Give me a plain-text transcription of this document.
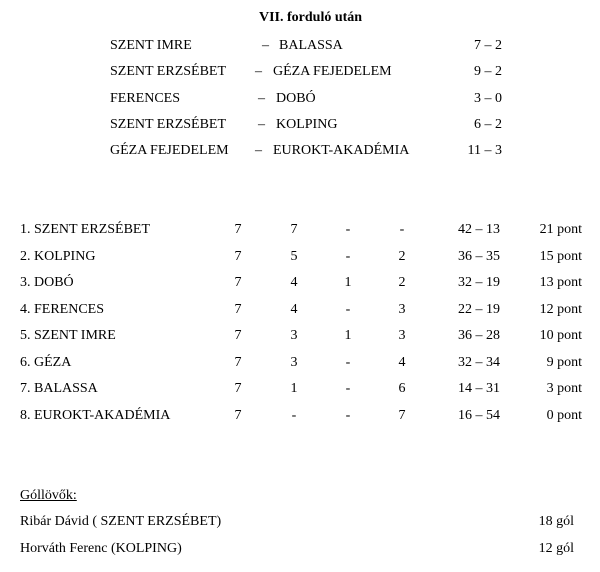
VII. forduló után
SZENT IMRE	– BALASSA	7 – 2
SZENT ERZSÉBET – GÉZA FEJEDELEM	9 – 2
FERENCES	– DOBÓ	3 – 0
SZENT ERZSÉBET – KOLPING	6 – 2
GÉZA FEJEDELEM – EUROKT-AKADÉMIA	11 – 3
1. SZENT ERZSÉBET	7	7	-	-	42 – 13	21 pont
2. KOLPING	7	5	-	2	36 – 35	15 pont
3. DOBÓ	7	4	1	2	32 – 19	13 pont
4. FERENCES	7	4	-	3	22 – 19	12 pont
5. SZENT IMRE	7	3	1	3	36 – 28	10 pont
6. GÉZA	7	3	-	4	32 – 34	9 pont
7. BALASSA	7	1	-	6	14 – 31	3 pont
8. EUROKT-AKADÉMIA	7	-	-	7	16 – 54	0 pont
Góllövők:
Ribár Dávid ( SZENT ERZSÉBET)	18 gól
Horváth Ferenc (KOLPING)	12 gól
